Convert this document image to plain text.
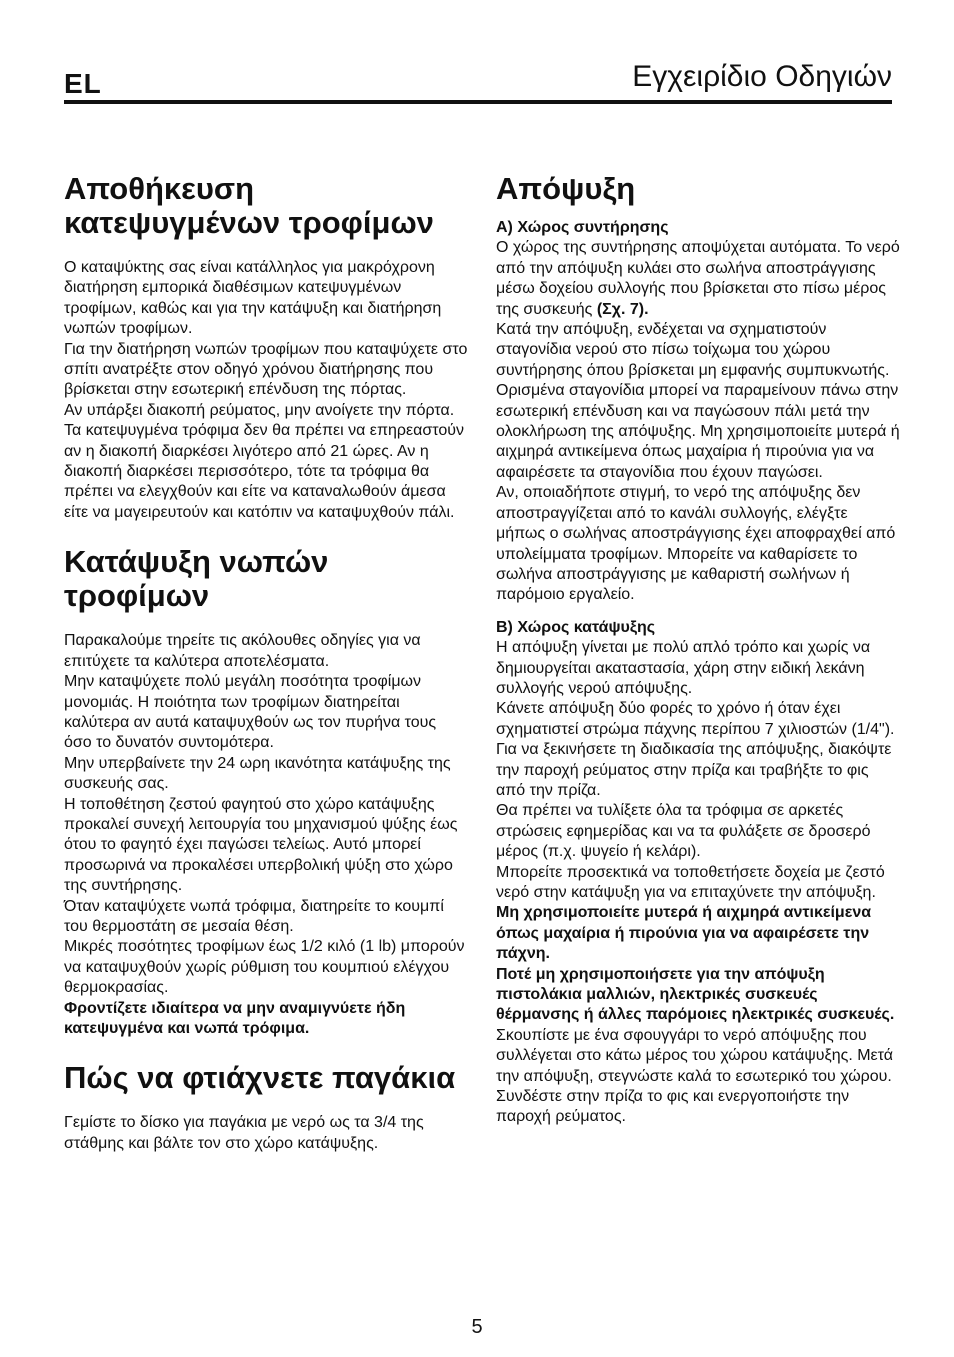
EL	Εγχειρίδιο Οδηγιών
Αποθήκευση κατεψυγμένων τροφίμων

Ο καταψύκτης σας είναι κατάλληλος για μακρόχρονη διατήρηση εμπορικά διαθέσιμων κατεψυγμένων τροφίμων, καθώς και για την κατάψυξη και διατήρηση νωπών τροφίμων.
Για την διατήρηση νωπών τροφίμων που καταψύχετε στο σπίτι ανατρέξτε στον οδηγό χρόνου διατήρησης που βρίσκεται στην εσωτερική επένδυση της πόρτας.
Αν υπάρξει διακοπή ρεύματος, μην ανοίγετε την πόρτα. Τα κατεψυγμένα τρόφιμα δεν θα πρέπει να επηρεαστούν αν η διακοπή διαρκέσει λιγότερο από 21 ώρες. Αν η διακοπή διαρκέσει περισσότερο, τότε τα τρόφιμα θα πρέπει να ελεγχθούν και είτε να καταναλωθούν άμεσα είτε να μαγειρευτούν και κατόπιν να καταψυχθούν πάλι.

Κατάψυξη νωπών τροφίμων

Παρακαλούμε τηρείτε τις ακόλουθες οδηγίες για να επιτύχετε τα καλύτερα αποτελέσματα.
Μην καταψύχετε πολύ μεγάλη ποσότητα τροφίμων μονομιάς. Η ποιότητα των τροφίμων διατηρείται καλύτερα αν αυτά καταψυχθούν ως τον πυρήνα τους όσο το δυνατόν συντομότερα.
Μην υπερβαίνετε την 24 ωρη ικανότητα κατάψυξης της συσκευής σας.
Η τοποθέτηση ζεστού φαγητού στο χώρο κατάψυξης προκαλεί συνεχή λειτουργία του μηχανισμού ψύξης έως ότου το φαγητό έχει παγώσει τελείως. Αυτό μπορεί προσωρινά να προκαλέσει υπερβολική ψύξη στο χώρο της συντήρησης.
Όταν καταψύχετε νωπά τρόφιμα, διατηρείτε το κουμπί του θερμοστάτη σε μεσαία θέση.
Μικρές ποσότητες τροφίμων έως 1/2 κιλό (1 lb) μπορούν να καταψυχθούν χωρίς ρύθμιση του κουμπιού ελέγχου θερμοκρασίας.

Φροντίζετε ιδιαίτερα να μην αναμιγνύετε ήδη κατεψυγμένα και νωπά τρόφιμα.

Πώς να φτιάχνετε παγάκια

Γεμίστε το δίσκο για παγάκια με νερό ως τα 3/4 της στάθμης και βάλτε τον στο χώρο κατάψυξης.

Απόψυξη

A) Χώρος συντήρησης

Ο χώρος της συντήρησης αποψύχεται αυτόματα. Το νερό από την απόψυξη κυλάει στο σωλήνα αποστράγγισης μέσω δοχείου συλλογής που βρίσκεται στο πίσω μέρος της συσκευής (Σχ. 7).
Κατά την απόψυξη, ενδέχεται να σχηματιστούν σταγονίδια νερού στο πίσω τοίχωμα του χώρου συντήρησης όπου βρίσκεται μη εμφανής συμπυκνωτής. Ορισμένα σταγονίδια μπορεί να παραμείνουν πάνω στην εσωτερική επένδυση και να παγώσουν πάλι μετά την ολοκλήρωση της απόψυξης. Μη χρησιμοποιείτε μυτερά ή αιχμηρά αντικείμενα όπως μαχαίρια ή πιρούνια για να αφαιρέσετε τα σταγονίδια που έχουν παγώσει.
Αν, οποιαδήποτε στιγμή, το νερό της απόψυξης δεν αποστραγγίζεται από το κανάλι συλλογής, ελέγξτε μήπως ο σωλήνας αποστράγγισης έχει αποφραχθεί από υπολείμματα τροφίμων. Μπορείτε να καθαρίσετε το σωλήνα αποστράγγισης με καθαριστή σωλήνων ή παρόμοιο εργαλείο.

B) Χώρος κατάψυξης

Η απόψυξη γίνεται με πολύ απλό τρόπο και χωρίς να δημιουργείται ακαταστασία, χάρη στην ειδική λεκάνη συλλογής νερού απόψυξης.
Κάνετε απόψυξη δύο φορές το χρόνο ή όταν έχει σχηματιστεί στρώμα πάχνης περίπου 7 χιλιοστών (1/4"). Για να ξεκινήσετε τη διαδικασία της απόψυξης, διακόψτε την παροχή ρεύματος στην πρίζα και τραβήξτε το φις από την πρίζα.
Θα πρέπει να τυλίξετε όλα τα τρόφιμα σε αρκετές στρώσεις εφημερίδας και να τα φυλάξετε σε δροσερό μέρος (π.χ. ψυγείο ή κελάρι).
Μπορείτε προσεκτικά να τοποθετήσετε δοχεία με ζεστό νερό στην κατάψυξη για να επιταχύνετε την απόψυξη.

Μη χρησιμοποιείτε μυτερά ή αιχμηρά αντικείμενα όπως μαχαίρια ή πιρούνια για να αφαιρέσετε την πάχνη.

Ποτέ μη χρησιμοποιήσετε για την απόψυξη πιστολάκια μαλλιών, ηλεκτρικές συσκευές θέρμανσης ή άλλες παρόμοιες ηλεκτρικές συσκευές.

Σκουπίστε με ένα σφουγγάρι το νερό απόψυξης που συλλέγεται στο κάτω μέρος του χώρου κατάψυξης. Μετά την απόψυξη, στεγνώστε καλά το εσωτερικό του χώρου. Συνδέστε στην πρίζα το φις και ενεργοποιήστε την παροχή ρεύματος.

5
